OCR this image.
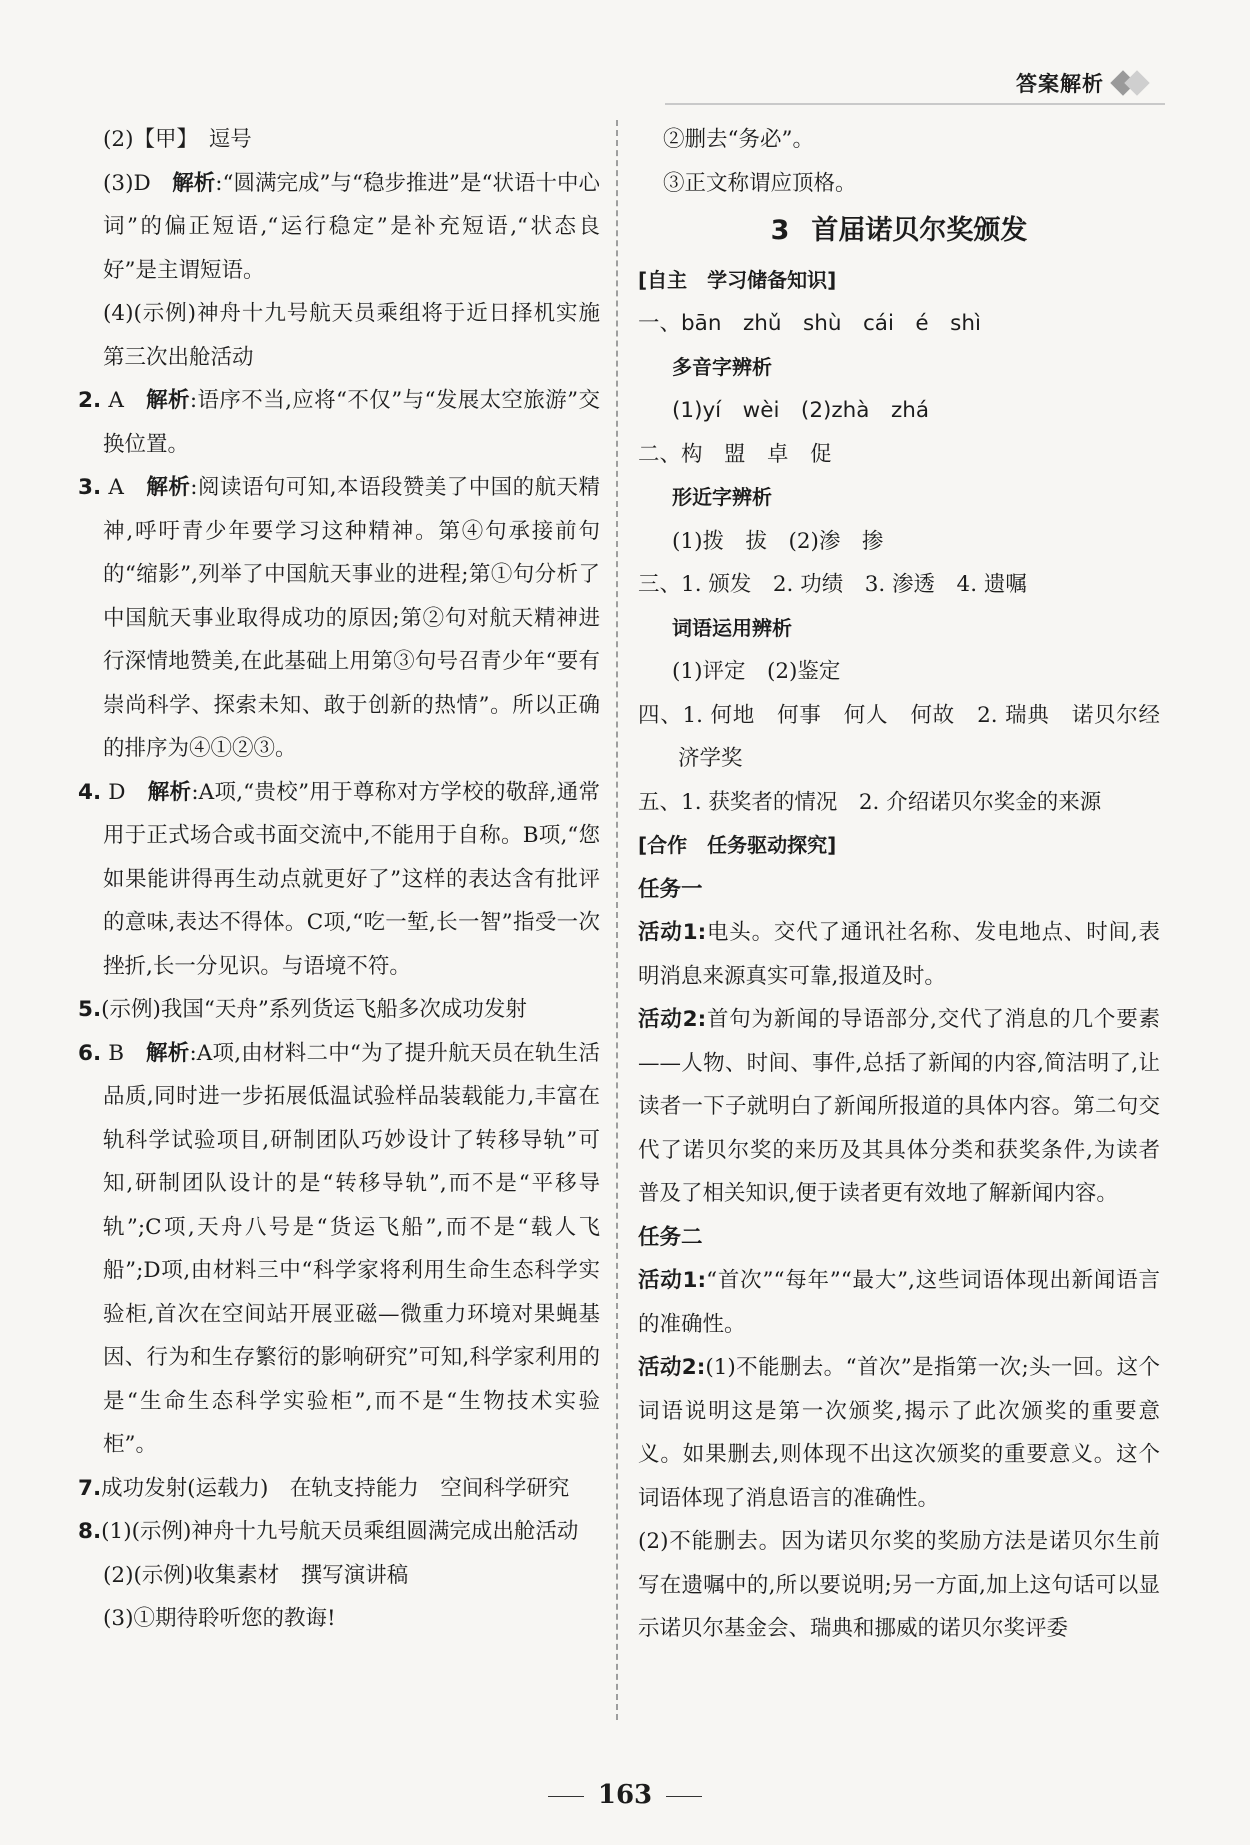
答案解析

(2)【甲】　逗号

(3)D　解析:“圆满完成”与“稳步推进”是“状语十中心词”的偏正短语,“运行稳定”是补充短语,“状态良好”是主谓短语。

(4)(示例)神舟十九号航天员乘组将于近日择机实施第三次出舱活动

2. A　解析:语序不当,应将“不仅”与“发展太空旅游”交换位置。

3. A　解析:阅读语句可知,本语段赞美了中国的航天精神,呼吁青少年要学习这种精神。第④句承接前句的“缩影”,列举了中国航天事业的进程;第①句分析了中国航天事业取得成功的原因;第②句对航天精神进行深情地赞美,在此基础上用第③句号召青少年“要有崇尚科学、探索未知、敢于创新的热情”。所以正确的排序为④①②③。

4. D　解析:A项,“贵校”用于尊称对方学校的敬辞,通常用于正式场合或书面交流中,不能用于自称。B项,“您如果能讲得再生动点就更好了”这样的表达含有批评的意味,表达不得体。C项,“吃一堑,长一智”指受一次挫折,长一分见识。与语境不符。

5.(示例)我国“天舟”系列货运飞船多次成功发射

6. B　解析:A项,由材料二中“为了提升航天员在轨生活品质,同时进一步拓展低温试验样品装载能力,丰富在轨科学试验项目,研制团队巧妙设计了转移导轨”可知,研制团队设计的是“转移导轨”,而不是“平移导轨”;C项,天舟八号是“货运飞船”,而不是“载人飞船”;D项,由材料三中“科学家将利用生命生态科学实验柜,首次在空间站开展亚磁—微重力环境对果蝇基因、行为和生存繁衍的影响研究”可知,科学家利用的是“生命生态科学实验柜”,而不是“生物技术实验柜”。

7.成功发射(运载力)　在轨支持能力　空间科学研究

8.(1)(示例)神舟十九号航天员乘组圆满完成出舱活动

(2)(示例)收集素材　撰写演讲稿

(3)①期待聆听您的教诲!

②删去“务必”。

③正文称谓应顶格。

3 首届诺贝尔奖颁发

[自主　学习储备知识]

一、bān　zhǔ　shù　cái　é　shì

多音字辨析

(1)yí　wèi　(2)zhà　zhá

二、构　盟　卓　促

形近字辨析

(1)拨　拔　(2)渗　掺

三、1. 颁发　2. 功绩　3. 渗透　4. 遗嘱

词语运用辨析

(1)评定　(2)鉴定

四、1. 何地　何事　何人　何故　2. 瑞典　诺贝尔经济学奖

五、1. 获奖者的情况　2. 介绍诺贝尔奖金的来源

[合作　任务驱动探究]

任务一

活动1:电头。交代了通讯社名称、发电地点、时间,表明消息来源真实可靠,报道及时。

活动2:首句为新闻的导语部分,交代了消息的几个要素——人物、时间、事件,总括了新闻的内容,简洁明了,让读者一下子就明白了新闻所报道的具体内容。第二句交代了诺贝尔奖的来历及其具体分类和获奖条件,为读者普及了相关知识,便于读者更有效地了解新闻内容。

任务二

活动1:“首次”“每年”“最大”,这些词语体现出新闻语言的准确性。

活动2:(1)不能删去。“首次”是指第一次;头一回。这个词语说明这是第一次颁奖,揭示了此次颁奖的重要意义。如果删去,则体现不出这次颁奖的重要意义。这个词语体现了消息语言的准确性。

(2)不能删去。因为诺贝尔奖的奖励方法是诺贝尔生前写在遗嘱中的,所以要说明;另一方面,加上这句话可以显示诺贝尔基金会、瑞典和挪威的诺贝尔奖评委

163
